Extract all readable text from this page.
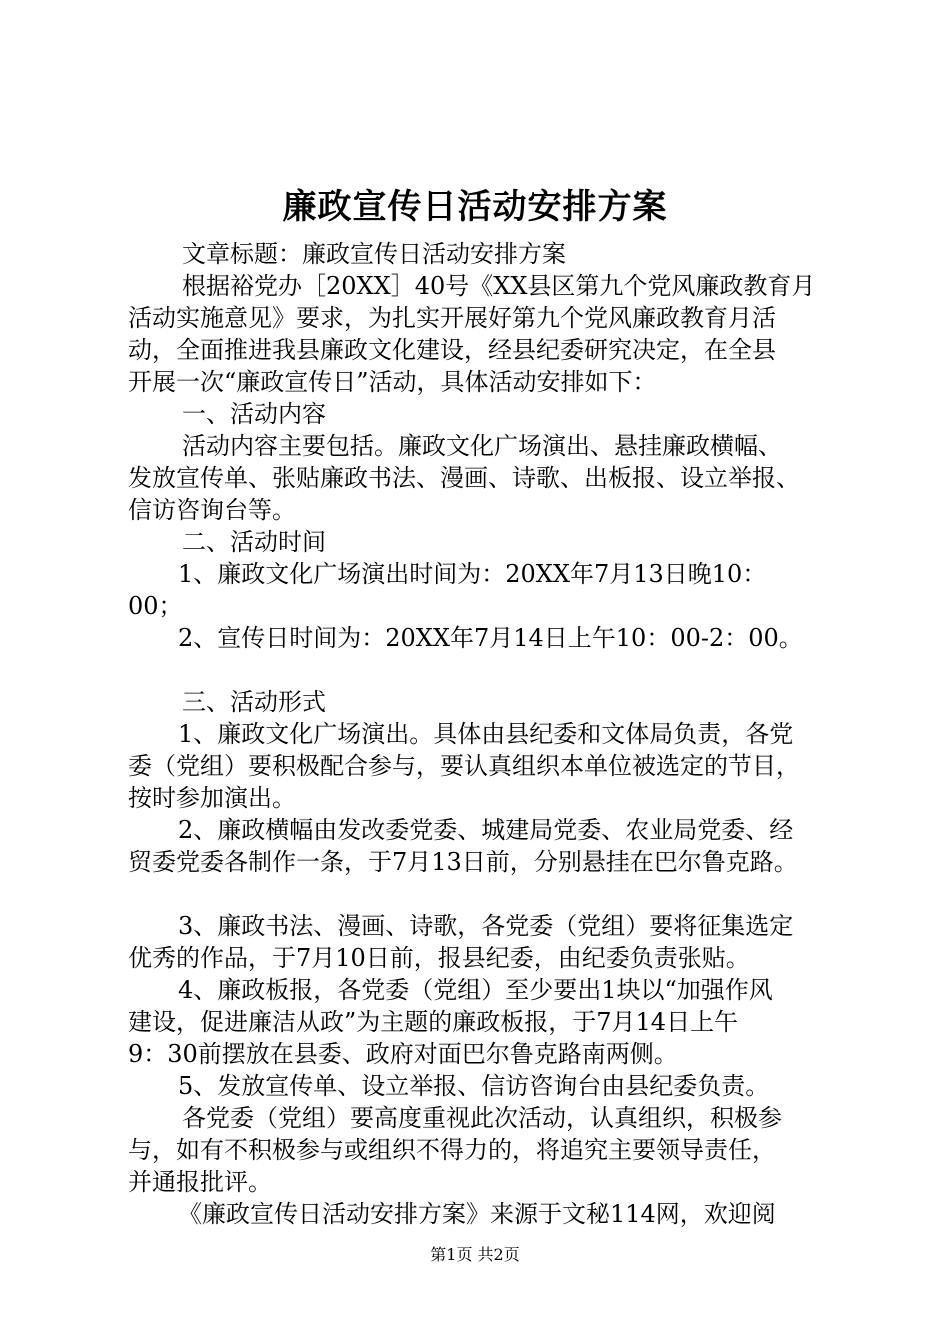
廉政宣传日活动安排方案
文章标题：廉政宣传日活动安排方案
根据裕党办［20XX］40号《XX县区第九个党风廉政教育月
活动实施意见》要求，为扎实开展好第九个党风廉政教育月活
动，全面推进我县廉政文化建设，经县纪委研究决定，在全县
开展一次“廉政宣传日”活动，具体活动安排如下：
一、活动内容
活动内容主要包括。廉政文化广场演出、悬挂廉政横幅、
发放宣传单、张贴廉政书法、漫画、诗歌、出板报、设立举报、
信访咨询台等。
二、活动时间
1、廉政文化广场演出时间为：20XX年7月13日晚10：
00；
2、宣传日时间为：20XX年7月14日上午10：00-2：00。
三、活动形式
1、廉政文化广场演出。具体由县纪委和文体局负责，各党
委（党组）要积极配合参与，要认真组织本单位被选定的节目，
按时参加演出。
2、廉政横幅由发改委党委、城建局党委、农业局党委、经
贸委党委各制作一条，于7月13日前，分别悬挂在巴尔鲁克路。
3、廉政书法、漫画、诗歌，各党委（党组）要将征集选定
优秀的作品，于7月10日前，报县纪委，由纪委负责张贴。
4、廉政板报，各党委（党组）至少要出1块以“加强作风
建设，促进廉洁从政”为主题的廉政板报，于7月14日上午
9：30前摆放在县委、政府对面巴尔鲁克路南两侧。
5、发放宣传单、设立举报、信访咨询台由县纪委负责。
各党委（党组）要高度重视此次活动，认真组织，积极参
与，如有不积极参与或组织不得力的，将追究主要领导责任，
并通报批评。
《廉政宣传日活动安排方案》来源于文秘114网，欢迎阅
第1页 共2页
